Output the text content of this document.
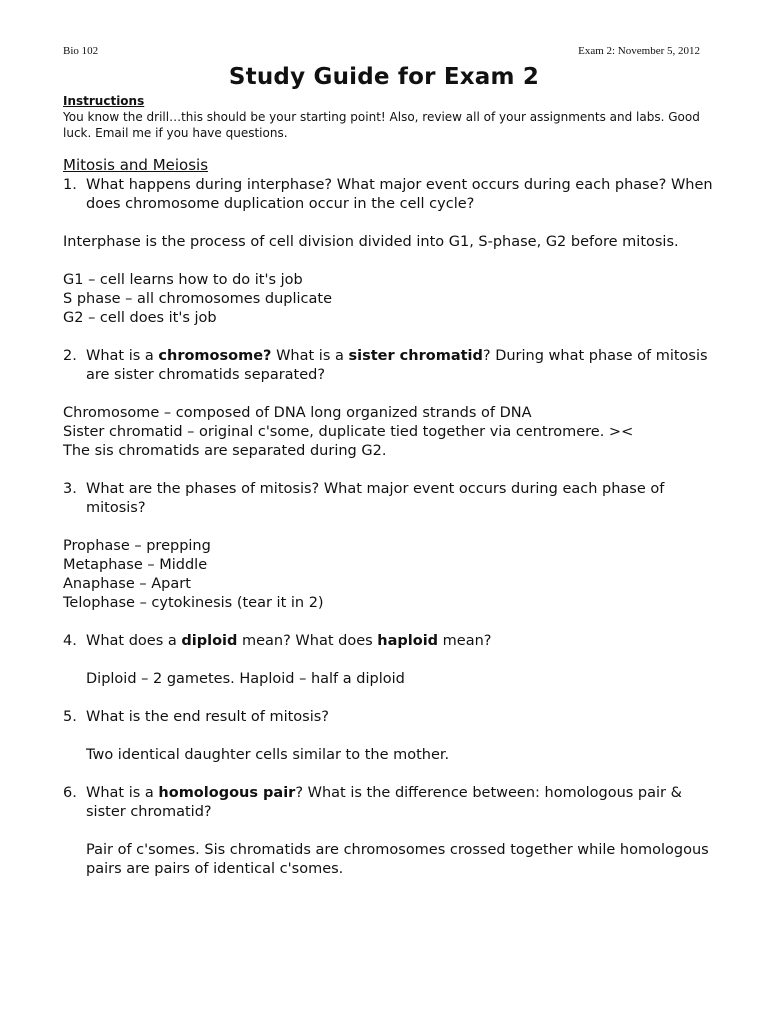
Bio 102	Exam 2: November 5, 2012
Study Guide for Exam 2
Instructions
You know the drill…this should be your starting point! Also, review all of your assignments and labs. Good luck. Email me if you have questions.
Mitosis and Meiosis
1. What happens during interphase? What major event occurs during each phase? When does chromosome duplication occur in the cell cycle?
Interphase is the process of cell division divided into G1, S-phase, G2 before mitosis.
G1 – cell learns how to do it's job
S phase – all chromosomes duplicate
G2 – cell does it's job
2. What is a chromosome? What is a sister chromatid? During what phase of mitosis are sister chromatids separated?
Chromosome – composed of DNA long organized strands of DNA
Sister chromatid – original c'some, duplicate tied together via centromere. ><
The sis chromatids are separated during G2.
3. What are the phases of mitosis? What major event occurs during each phase of mitosis?
Prophase – prepping
Metaphase – Middle
Anaphase – Apart
Telophase – cytokinesis (tear it in 2)
4. What does a diploid mean? What does haploid mean?
Diploid – 2 gametes. Haploid – half a diploid
5. What is the end result of mitosis?
Two identical daughter cells similar to the mother.
6. What is a homologous pair? What is the difference between: homologous pair & sister chromatid?
Pair of c'somes. Sis chromatids are chromosomes crossed together while homologous pairs are pairs of identical c'somes.
